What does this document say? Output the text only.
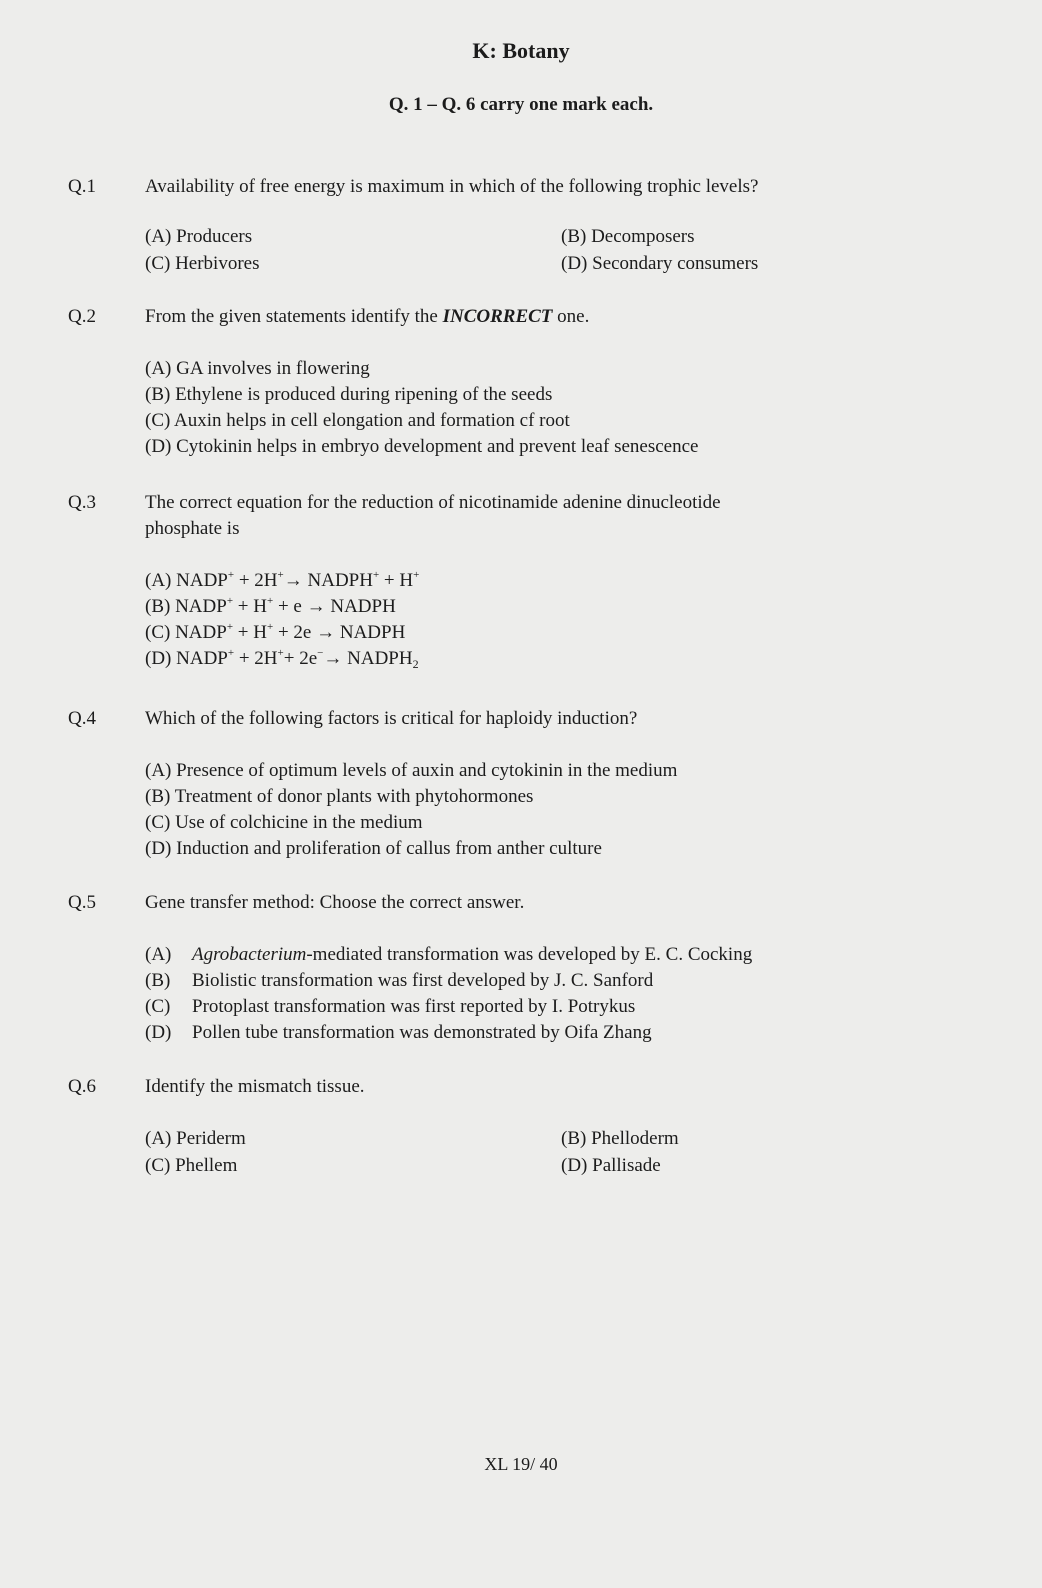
K: Botany
Q. 1 – Q. 6 carry one mark each.
Q.1	Availability of free energy is maximum in which of the following trophic levels?
(A) Producers	(B) Decomposers
(C) Herbivores	(D) Secondary consumers
Q.2	From the given statements identify the INCORRECT one.
(A) GA involves in flowering
(B) Ethylene is produced during ripening of the seeds
(C) Auxin helps in cell elongation and formation cf root
(D) Cytokinin helps in embryo development and prevent leaf senescence
Q.3	The correct equation for the reduction of nicotinamide adenine dinucleotide
phosphate is
(A) NADP+ + 2H+→ NADPH+ + H+
(B) NADP+ + H+ + e → NADPH
(C) NADP+ + H+ + 2e → NADPH
(D) NADP+ + $2H^++ 2e^-\to NADPH_2$
Q.4	Which of the following factors is critical for haploidy induction?
(A) Presence of optimum levels of auxin and cytokinin in the medium
(B) Treatment of donor plants with phytohormones
(C) Use of colchicine in the medium
(D) Induction and proliferation of callus from anther culture
Q.5	Gene transfer method: Choose the correct answer.
(A) Agrobacterium-mediated transformation was developed by E. C. Cocking
(B) Biolistic transformation was first developed by J. C. Sanford
(C) Protoplast transformation was first reported by I. Potrykus
(D) Pollen tube transformation was demonstrated by Oifa Zhang
Q.6	Identify the mismatch tissue.
(A) Periderm	(B) Phelloderm
(C) Phellem	(D) Pallisade
XL 19/ 40
